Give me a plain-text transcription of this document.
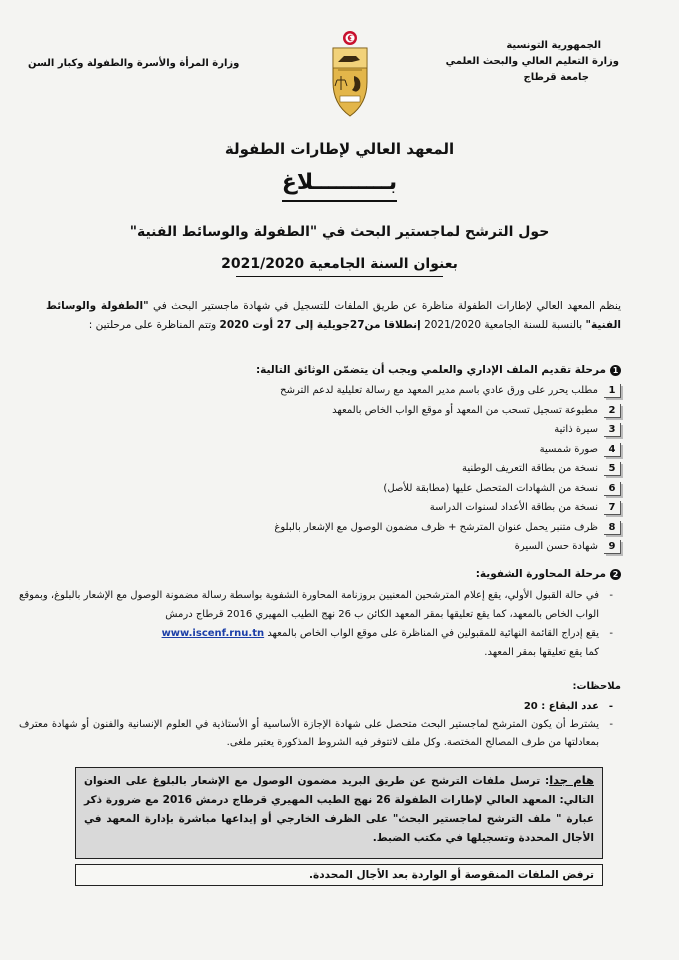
الجمهورية التونسية
وزارة التعليم العالي والبحث العلمي
جامعة قرطاج
وزارة المرأة والأسرة والطفولة وكبار السن
المعهد العالي لإطارات الطفولة
بــــــــــلاغ
حول الترشح لماجستير البحث في "الطفولة والوسائط الفنية"
بعنوان السنة الجامعية 2021/2020
ينظم المعهد العالي لإطارات الطفولة مناظرة عن طريق الملفات للتسجيل في شهادة ماجستير البحث في "الطفولة والوسائط الفنية" بالنسبة للسنة الجامعية 2021/2020 إنطلاقا من27جويلية إلى 27 أوت 2020 وتتم المناظرة على مرحلتين :
1مرحلة تقديم الملف الإداري والعلمي ويجب أن يتضمّن الوثائق التالية:
1مطلب يحرر على ورق عادي باسم مدير المعهد مع رسالة تعليلية لدعم الترشح
2مطبوعة تسجيل تسحب من المعهد أو موقع الواب الخاص بالمعهد
3سيرة ذاتية
4صورة شمسية
5نسخة من بطاقة التعريف الوطنية
6نسخة من الشهادات المتحصل عليها (مطابقة للأصل)
7نسخة من بطاقة الأعداد لسنوات الدراسة
8ظرف متنبر يحمل عنوان المترشح + ظرف مضمون الوصول مع الإشعار بالبلوغ
9شهادة حسن السيرة
2مرحلة المحاورة الشفوية:
- في حالة القبول الأولي، يقع إعلام المترشحين المعنيين بروزنامة المحاورة الشفوية بواسطة رسالة مضمونة الوصول مع الإشعار بالبلوغ، وبموقع الواب الخاص بالمعهد، كما يقع تعليقها بمقر المعهد الكائن ب 26 نهج الطيب المهيري 2016 قرطاج درمش
- يقع إدراج القائمة النهائية للمقبولين في المناظرة على موقع الواب الخاص بالمعهد www.iscenf.rnu.tn
كما يقع تعليقها بمقر المعهد.
ملاحظات:
- عدد البقاع : 20
- يشترط أن يكون المترشح لماجستير البحث متحصل على شهادة الإجازة الأساسية أو الأستاذية في العلوم الإنسانية والفنون أو شهادة معترف بمعادلتها من طرف المصالح المختصة. وكل ملف لاتتوفر فيه الشروط المذكورة يعتبر ملغى.
هام جدا: ترسل ملفات الترشح عن طريق البريد مضمون الوصول مع الإشعار بالبلوغ على العنوان التالي: المعهد العالي لإطارات الطفولة 26 نهج الطيب المهيري قرطاج درمش 2016 مع ضرورة ذكر عبارة " ملف الترشح لماجستير البحث" على الظرف الخارجي أو إيداعها مباشرة بإدارة المعهد في الأجال المحددة وتسجيلها في مكتب الضبط.
ترفض الملفات المنقوصة أو الواردة بعد الأجال المحددة.
